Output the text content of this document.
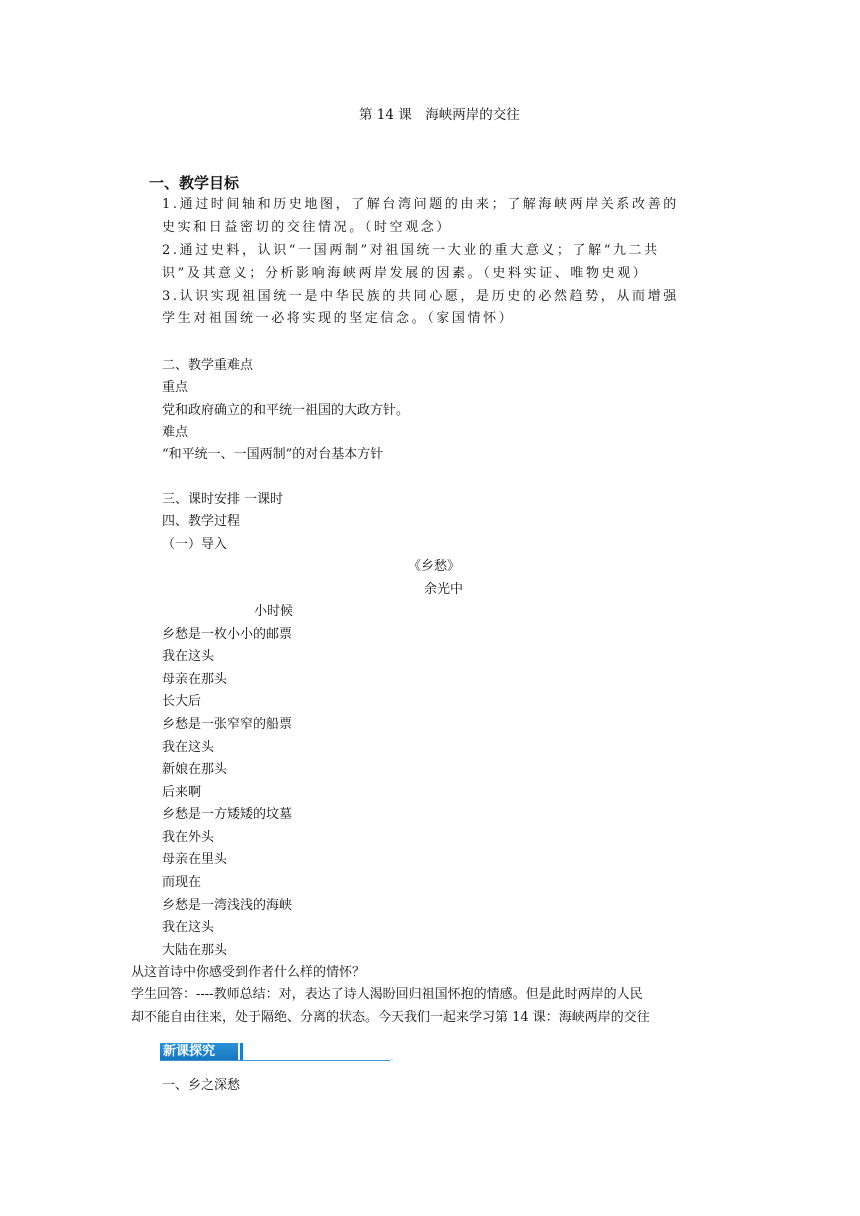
第 14 课　海峡两岸的交往
一、教学目标
1.通过时间轴和历史地图，了解台湾问题的由来；了解海峡两岸关系改善的
史实和日益密切的交往情况。（时空观念）
2.通过史料，认识“一国两制”对祖国统一大业的重大意义；了解“九二共
识”及其意义；分析影响海峡两岸发展的因素。（史料实证、唯物史观）
3.认识实现祖国统一是中华民族的共同心愿，是历史的必然趋势，从而增强
学生对祖国统一必将实现的坚定信念。（家国情怀）
二、教学重难点
重点
党和政府确立的和平统一祖国的大政方针。
难点
“和平统一、一国两制”的对台基本方针
三、课时安排 一课时
四、教学过程
（一）导入
《乡愁》
余光中
小时候
乡愁是一枚小小的邮票
我在这头
母亲在那头
长大后
乡愁是一张窄窄的船票
我在这头
新娘在那头
后来啊
乡愁是一方矮矮的坟墓
我在外头
母亲在里头
而现在
乡愁是一湾浅浅的海峡
我在这头
大陆在那头
从这首诗中你感受到作者什么样的情怀？
学生回答：----教师总结：对，表达了诗人渴盼回归祖国怀抱的情感。但是此时两岸的人民
却不能自由往来，处于隔绝、分离的状态。今天我们一起来学习第 14 课：海峡两岸的交往
新课探究
◦
一、乡之深愁
